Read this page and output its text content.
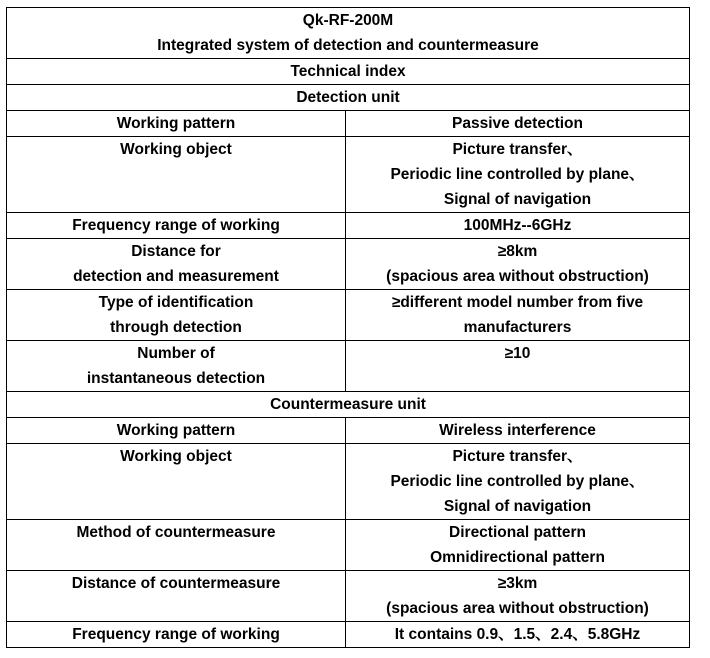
Qk-RF-200M
Integrated system of detection and countermeasure	

Technical index	
Detection unit	

Working pattern	Passive detection

Working object	Picture transfer、
Periodic line controlled by plane、
Signal of navigation

Frequency range of working	100MHz--6GHz

Distance for
detection and measurement	≥8km
(spacious area without obstruction)

Type of identification
through detection	≥different model number from five
manufacturers

Number of
instantaneous detection	≥10

Countermeasure unit	

Working pattern	Wireless interference

Working object	Picture transfer、
Periodic line controlled by plane、
Signal of navigation

Method of countermeasure	Directional pattern
Omnidirectional pattern

Distance of countermeasure	≥3km
(spacious area without obstruction)

Frequency range of working	It contains 0.9、1.5、2.4、5.8GHz
